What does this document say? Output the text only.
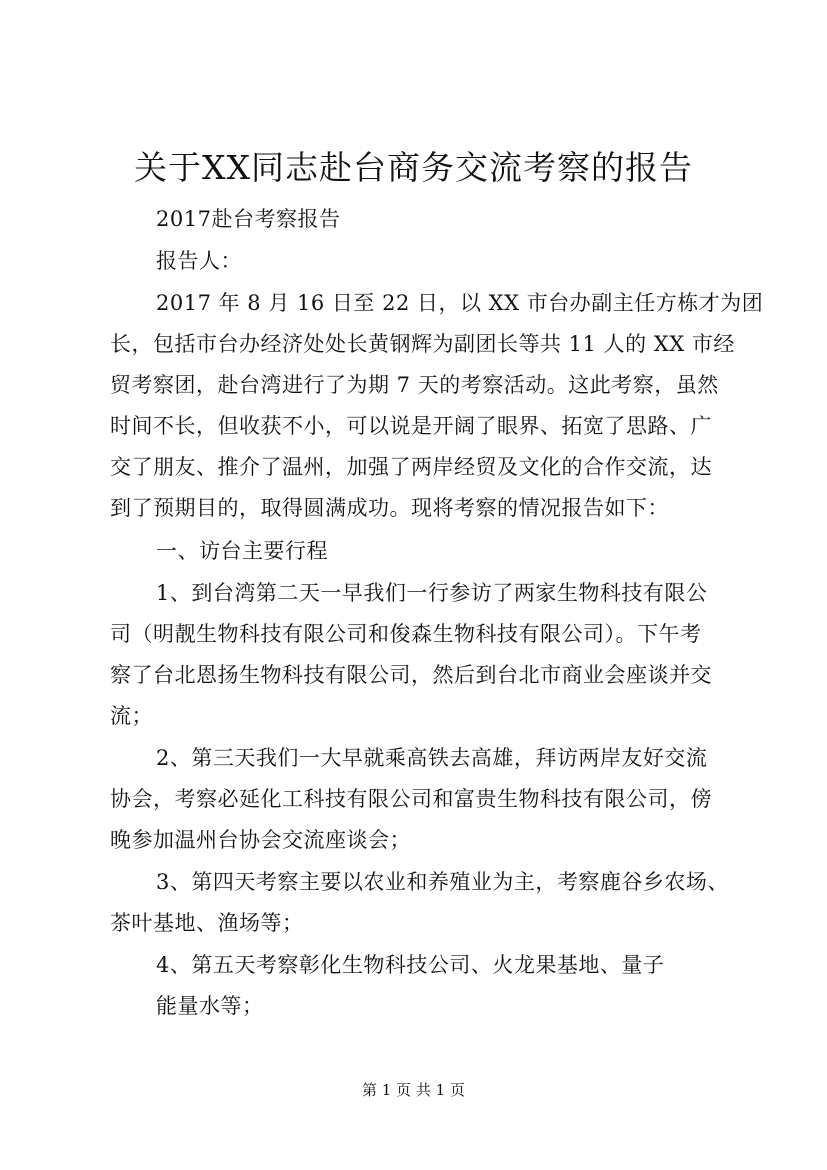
关于XX同志赴台商务交流考察的报告
2017赴台考察报告
报告人：
2017 年 8 月 16 日至 22 日，以 XX 市台办副主任方栋才为团
长，包括市台办经济处处长黄钢辉为副团长等共 11 人的 XX 市经
贸考察团，赴台湾进行了为期 7 天的考察活动。这此考察，虽然
时间不长，但收获不小，可以说是开阔了眼界、拓宽了思路、广
交了朋友、推介了温州，加强了两岸经贸及文化的合作交流，达
到了预期目的，取得圆满成功。现将考察的情况报告如下：
一、访台主要行程
1、到台湾第二天一早我们一行参访了两家生物科技有限公
司（明靓生物科技有限公司和俊森生物科技有限公司）。下午考
察了台北恩扬生物科技有限公司，然后到台北市商业会座谈并交
流；
2、第三天我们一大早就乘高铁去高雄，拜访两岸友好交流
协会，考察必延化工科技有限公司和富贵生物科技有限公司，傍
晚参加温州台协会交流座谈会；
3、第四天考察主要以农业和养殖业为主，考察鹿谷乡农场、
茶叶基地、渔场等；
4、第五天考察彰化生物科技公司、火龙果基地、量子
能量水等；
第 1 页 共 1 页
